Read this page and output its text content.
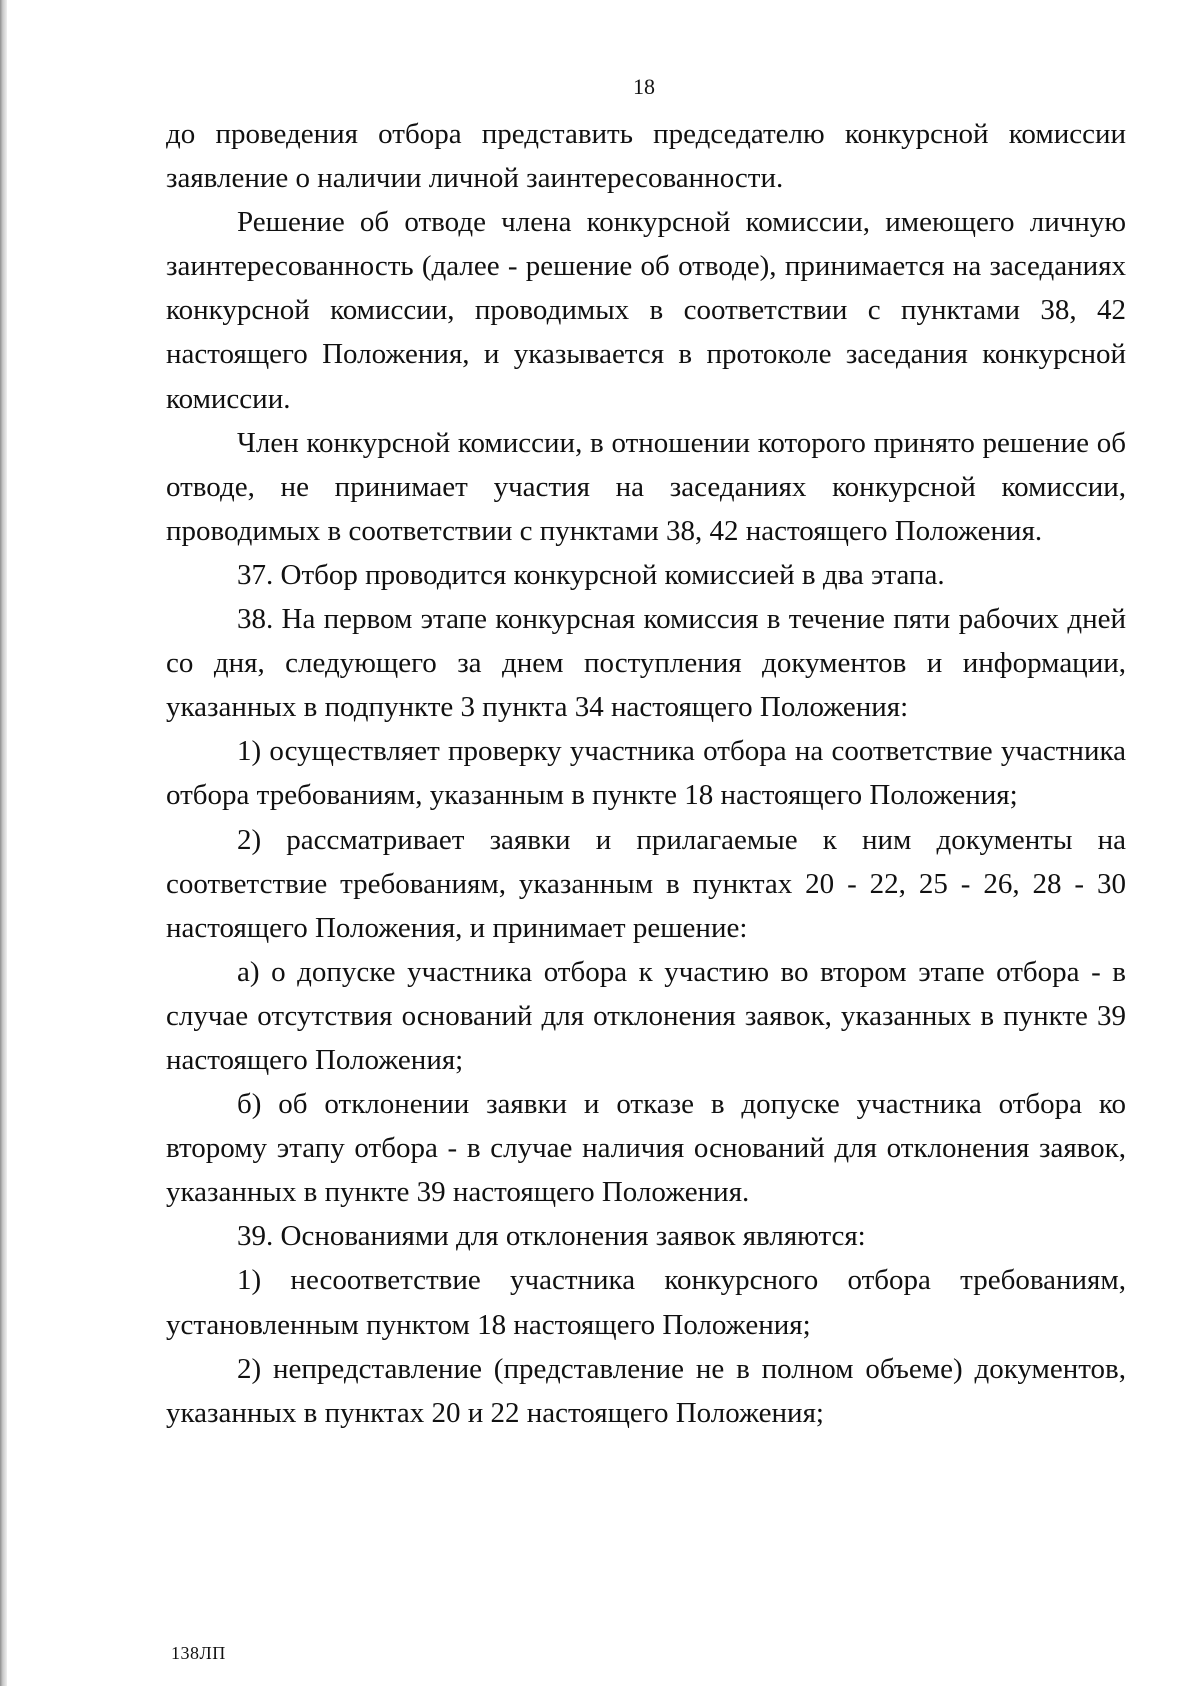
18

до проведения отбора представить председателю конкурсной комиссии заявление о наличии личной заинтересованности.

Решение об отводе члена конкурсной комиссии, имеющего личную заинтересованность (далее - решение об отводе), принимается на заседаниях конкурсной комиссии, проводимых в соответствии с пунктами 38, 42 настоящего Положения, и указывается в протоколе заседания конкурсной комиссии.

Член конкурсной комиссии, в отношении которого принято решение об отводе, не принимает участия на заседаниях конкурсной комиссии, проводимых в соответствии с пунктами 38, 42 настоящего Положения.

37. Отбор проводится конкурсной комиссией в два этапа.

38. На первом этапе конкурсная комиссия в течение пяти рабочих дней со дня, следующего за днем поступления документов и информации, указанных в подпункте 3 пункта 34 настоящего Положения:

1) осуществляет проверку участника отбора на соответствие участника отбора требованиям, указанным в пункте 18 настоящего Положения;

2) рассматривает заявки и прилагаемые к ним документы на соответствие требованиям, указанным в пунктах 20 - 22, 25 - 26, 28 - 30 настоящего Положения, и принимает решение:

а) о допуске участника отбора к участию во втором этапе отбора - в случае отсутствия оснований для отклонения заявок, указанных в пункте 39 настоящего Положения;

б) об отклонении заявки и отказе в допуске участника отбора ко второму этапу отбора - в случае наличия оснований для отклонения заявок, указанных в пункте 39 настоящего Положения.

39. Основаниями для отклонения заявок являются:

1) несоответствие участника конкурсного отбора требованиям, установленным пунктом 18 настоящего Положения;

2) непредставление (представление не в полном объеме) документов, указанных в пунктах 20 и 22 настоящего Положения;

138ЛП
